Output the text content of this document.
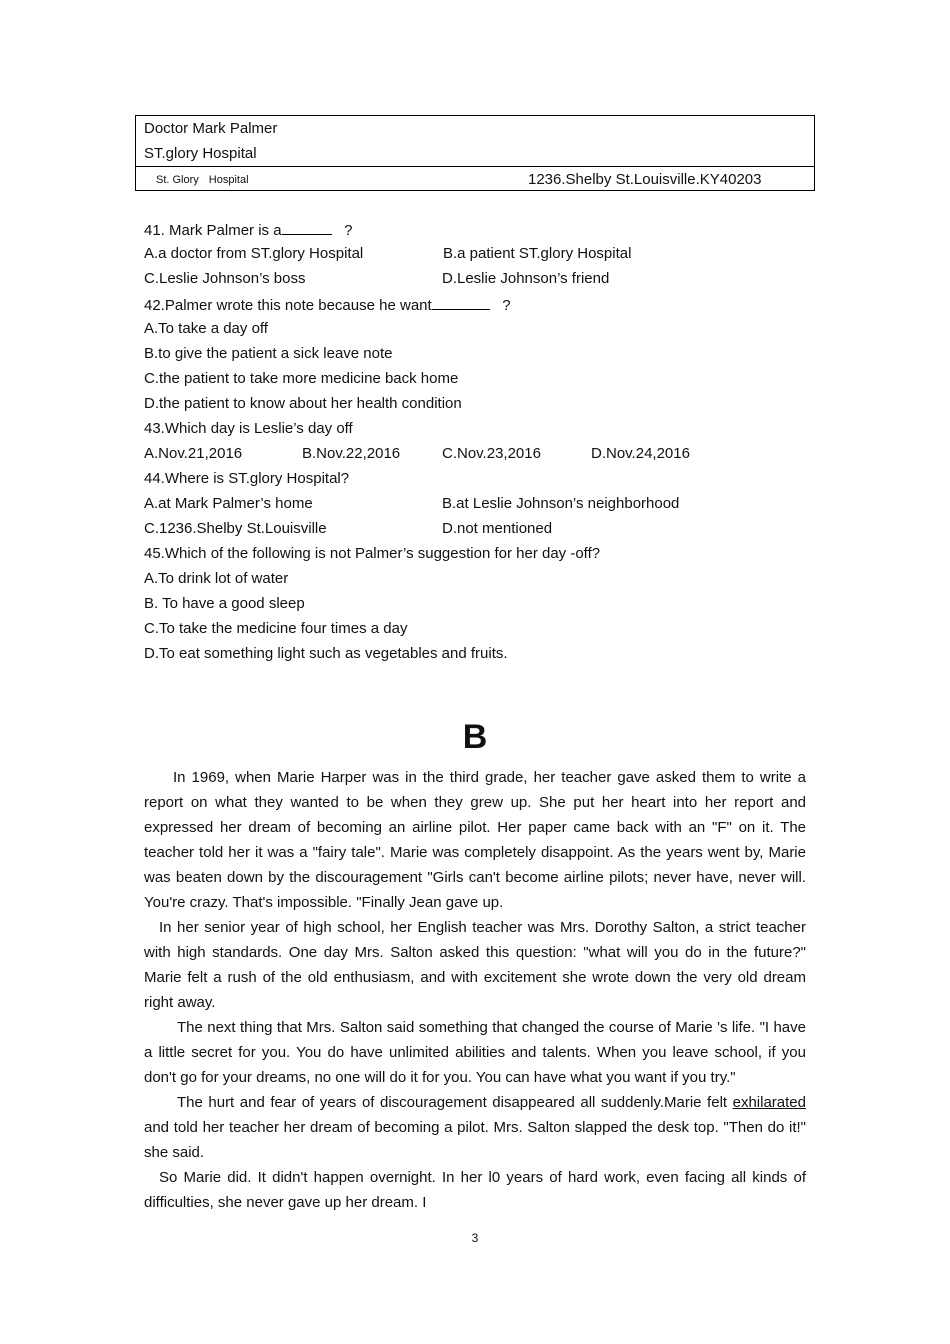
Doctor Mark Palmer
ST.glory Hospital
St. Glory Hospital	1236.Shelby St.Louisville.KY40203
41. Mark Palmer is a	?
A.a doctor from ST.glory Hospital	B.a patient ST.glory Hospital
C.Leslie Johnson’s boss	D.Leslie Johnson’s friend
42.Palmer wrote this note because he want	?
A.To take a day off
B.to give the patient a sick leave note
C.the patient to take more medicine back home
D.the patient to know about her health condition
43.Which day is Leslie’s day off
A.Nov.21,2016	B.Nov.22,2016	C.Nov.23,2016	D.Nov.24,2016
44.Where is ST.glory Hospital?
A.at Mark Palmer’s home	B.at Leslie Johnson’s neighborhood
C.1236.Shelby St.Louisville	D.not mentioned
45.Which of the following is not Palmer’s suggestion for her day -off?
A.To drink lot of water
B. To have a good sleep
C.To take the medicine four times a day
D.To eat something light such as vegetables and fruits.
B

In 1969, when Marie Harper was in the third grade, her teacher gave asked them to write a report on what they wanted to be when they grew up. She put her heart into her report and expressed her dream of becoming an airline pilot. Her paper came back with an "F" on it. The teacher told her it was a "fairy tale". Marie was completely disappoint. As the years went by, Marie was beaten down by the discouragement "Girls can't become airline pilots; never have, never will. You're crazy. That's impossible. "Finally Jean gave up.

In her senior year of high school, her English teacher was Mrs. Dorothy Salton, a strict teacher with high standards. One day Mrs. Salton asked this question: "what will you do in the future?" Marie felt a rush of the old enthusiasm, and with excitement she wrote down the very old dream right away.

The next thing that Mrs. Salton said something that changed the course of Marie 's life. "I have a little secret for you. You do have unlimited abilities and talents. When you leave school, if you don't go for your dreams, no one will do it for you. You can have what you want if you try."

The hurt and fear of years of discouragement disappeared all suddenly.Marie felt exhilarated and told her teacher her dream of becoming a pilot. Mrs. Salton slapped the desk top. "Then do it!" she said.

So Marie did. It didn't happen overnight. In her l0 years of hard work, even facing all kinds of difficulties, she never gave up her dream. I

3
